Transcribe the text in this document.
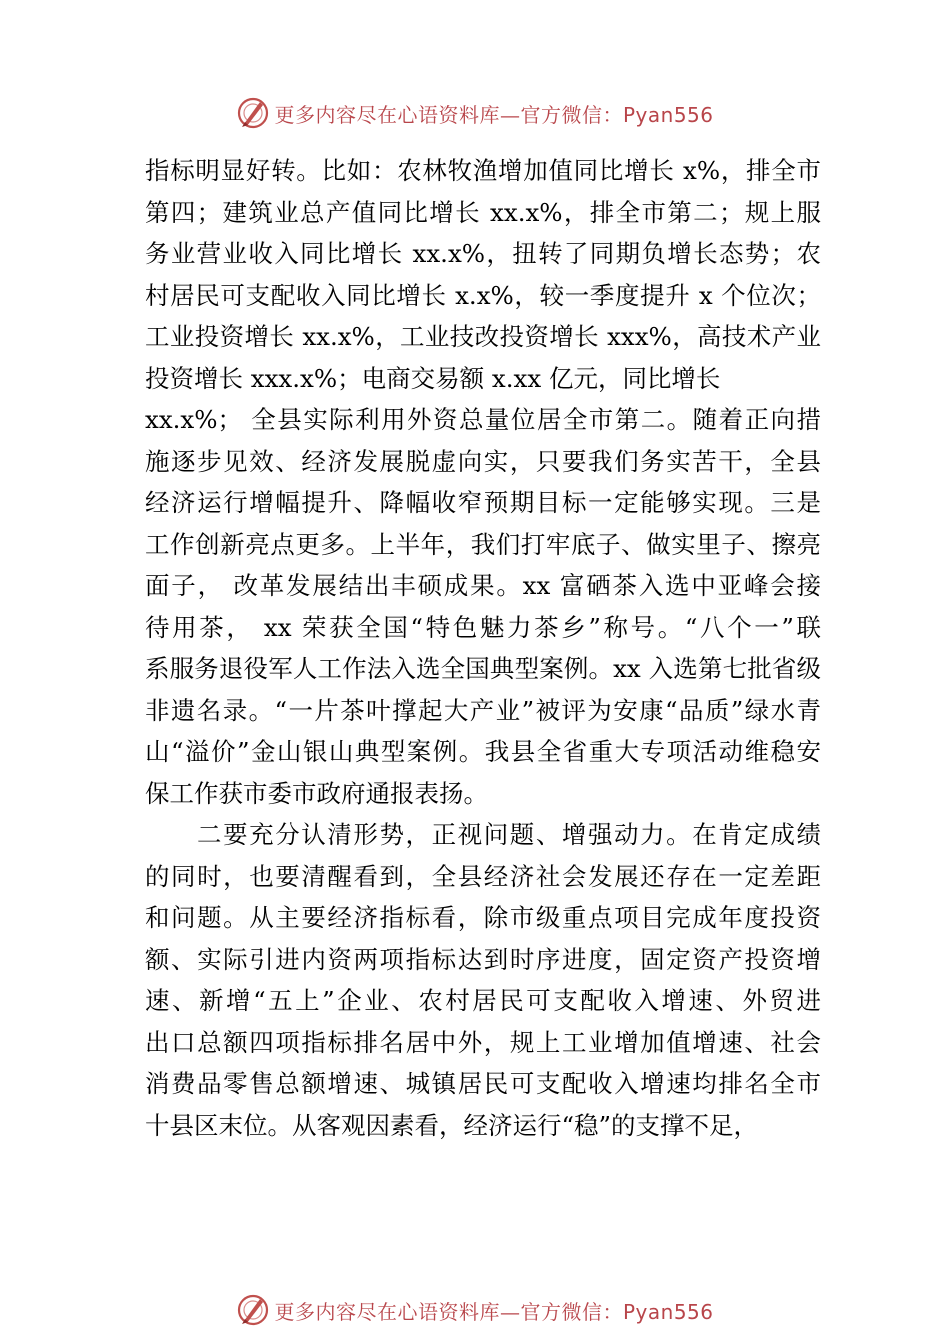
更多内容尽在心语资料库—官方微信：Pyan556
指标明显好转。比如：农林牧渔增加值同比增长 x%，排全市
第四；建筑业总产值同比增长 xx.x%，排全市第二；规上服
务业营业收入同比增长 xx.x%，扭转了同期负增长态势；农
村居民可支配收入同比增长 x.x%，较一季度提升 x 个位次；
工业投资增长 xx.x%，工业技改投资增长 xxx%，高技术产业
投资增长 xxx.x%；电商交易额 x.xx 亿元，同比增长
xx.x%； 全县实际利用外资总量位居全市第二。随着正向措
施逐步见效、经济发展脱虚向实，只要我们务实苦干，全县
经济运行增幅提升、降幅收窄预期目标一定能够实现。三是
工作创新亮点更多。上半年，我们打牢底子、做实里子、擦亮
面子， 改革发展结出丰硕成果。xx 富硒茶入选中亚峰会接
待用茶， xx 荣获全国“特色魅力茶乡”称号。“八个一”联
系服务退役军人工作法入选全国典型案例。xx 入选第七批省级
非遗名录。“一片茶叶撑起大产业”被评为安康“品质”绿水青
山“溢价”金山银山典型案例。我县全省重大专项活动维稳安
保工作获市委市政府通报表扬。
二要充分认清形势，正视问题、增强动力。在肯定成绩
的同时，也要清醒看到，全县经济社会发展还存在一定差距
和问题。从主要经济指标看，除市级重点项目完成年度投资
额、实际引进内资两项指标达到时序进度，固定资产投资增
速、新增“五上”企业、农村居民可支配收入增速、外贸进
出口总额四项指标排名居中外，规上工业增加值增速、社会
消费品零售总额增速、城镇居民可支配收入增速均排名全市
十县区末位。从客观因素看，经济运行“稳”的支撑不足，
更多内容尽在心语资料库—官方微信：Pyan556
